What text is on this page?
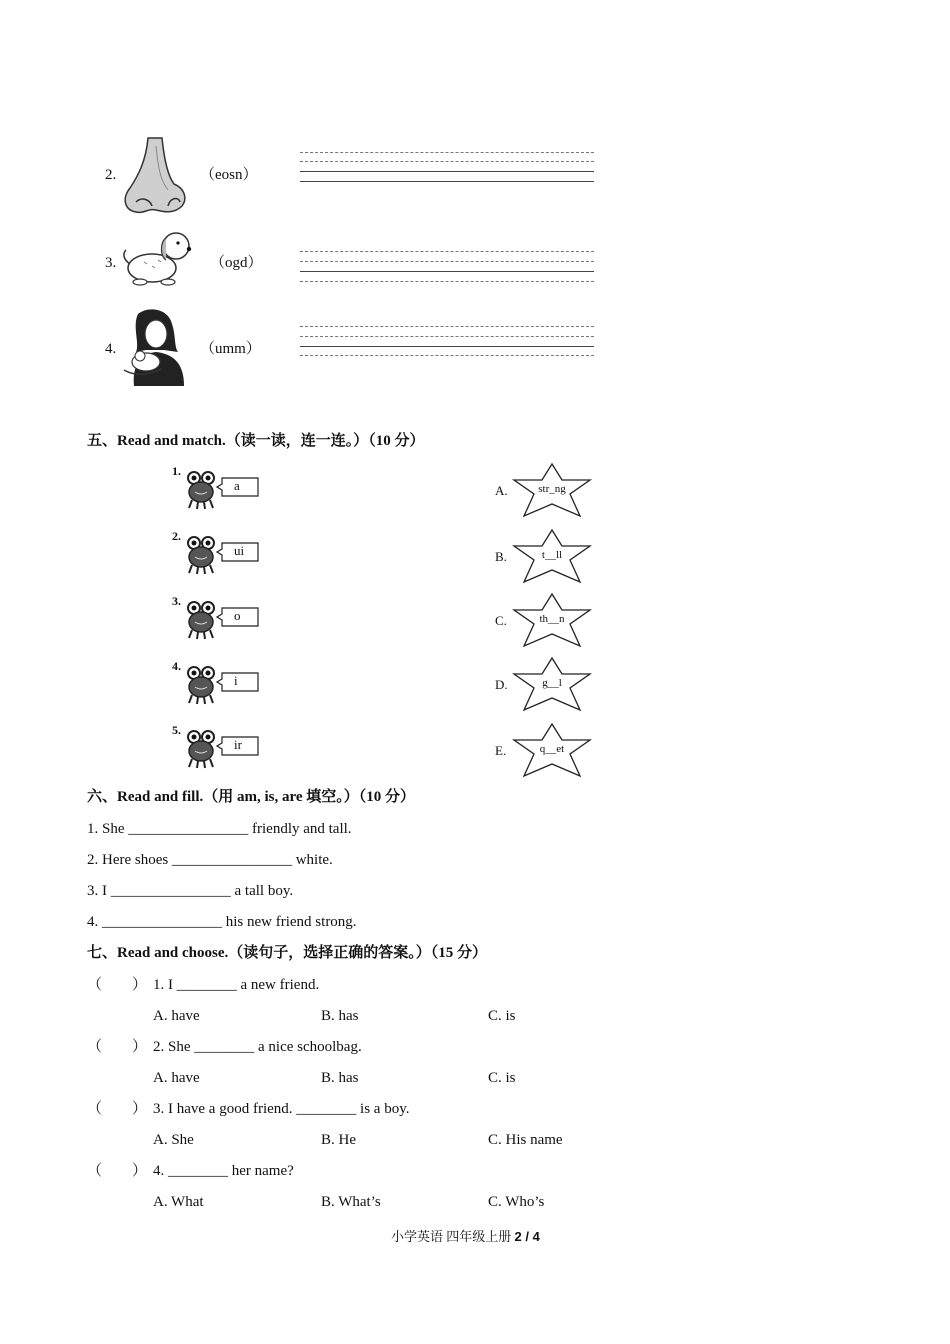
2.	（eosn）
3.	（ogd）
4.	（umm）
五、Read and match.（读一读，连一连。）（10 分）
1.
a
2.
ui
3.
o
4.
i
5.
ir
A.	str_ng
B.	t__ll
C.	th__n
D.	g__l
E.	q__et
六、Read and fill.（用 am, is, are 填空。）（10 分）
1. She ________________ friendly and tall.
2. Here shoes ________________ white.
3. I ________________ a tall boy.
4. ________________ his new friend strong.
七、Read and choose.（读句子，选择正确的答案。）（15 分）
（        ） 1. I ________ a new friend.
A. have	B. has	C. is
（        ） 2. She ________ a nice schoolbag.
A. have	B. has	C. is
（        ） 3. I have a good friend. ________ is a boy.
A. She	B. He	C. His name
（        ） 4. ________ her name?
A. What	B. What’s	C. Who’s
小学英语 四年级上册 2 / 4
